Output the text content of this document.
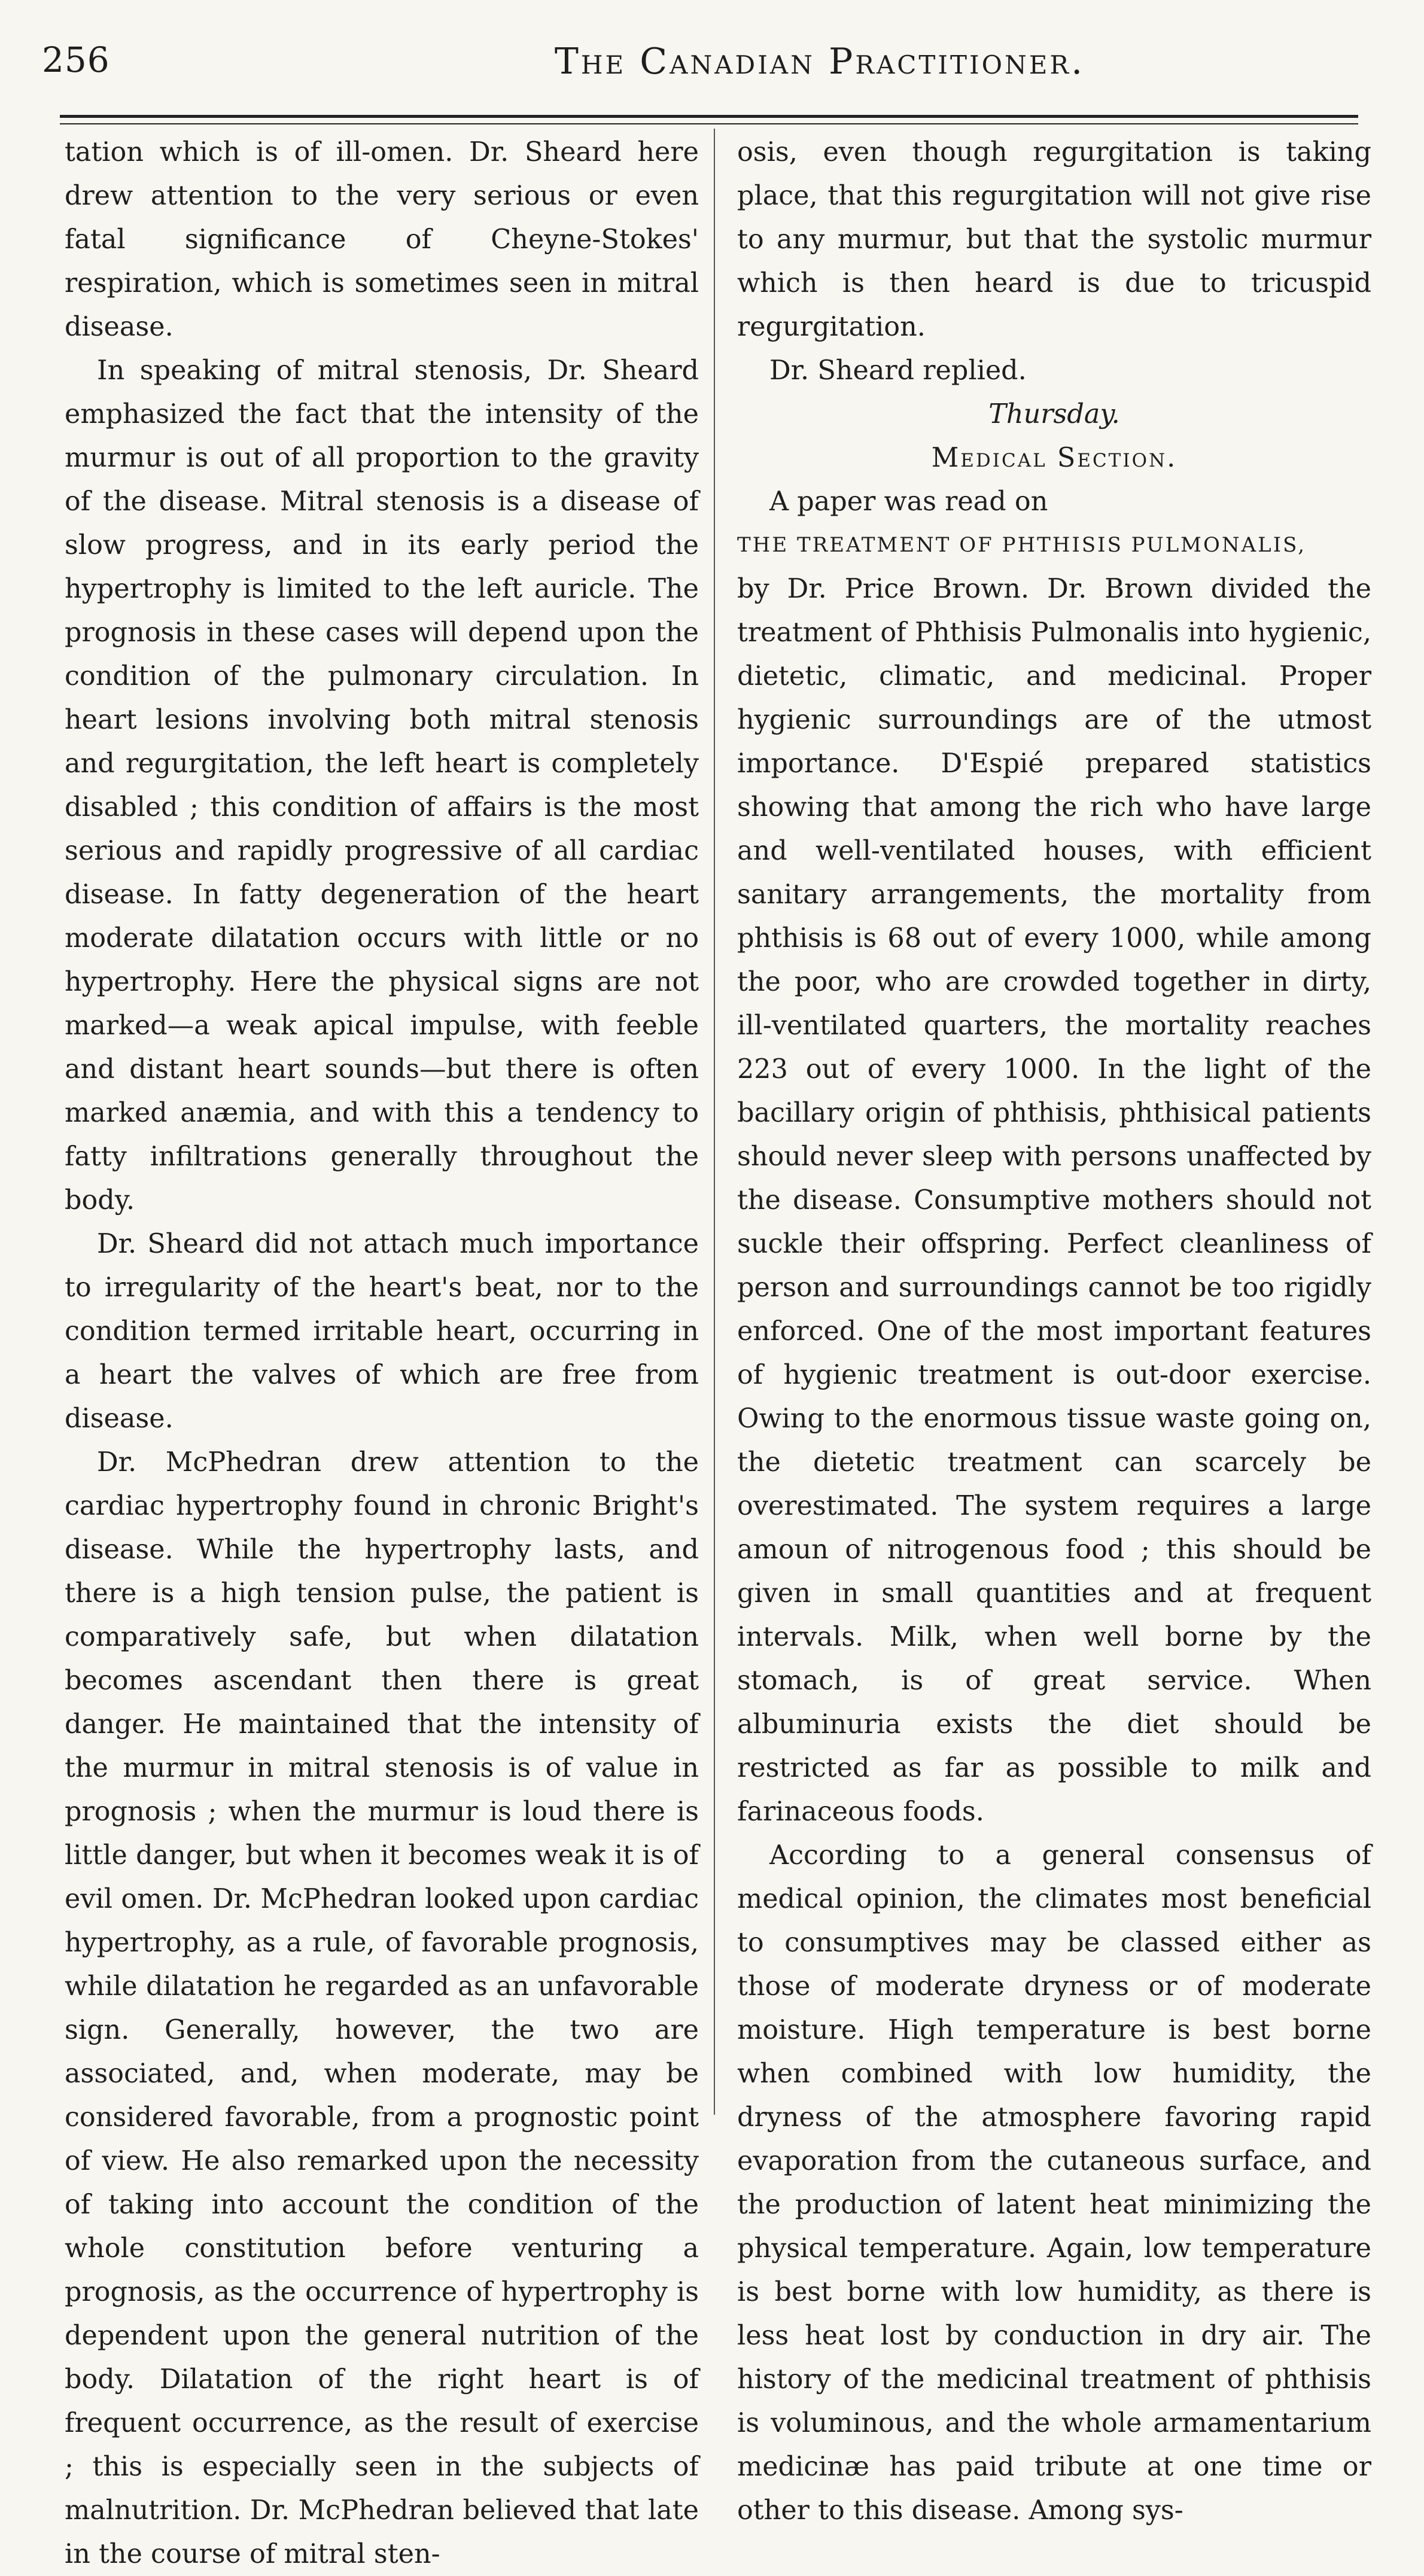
256	The Canadian Practitioner.

tation which is of ill-omen. Dr. Sheard here drew attention to the very serious or even fatal significance of Cheyne-Stokes' respiration, which is sometimes seen in mitral disease.

In speaking of mitral stenosis, Dr. Sheard emphasized the fact that the intensity of the murmur is out of all proportion to the gravity of the disease. Mitral stenosis is a disease of slow progress, and in its early period the hypertrophy is limited to the left auricle. The prognosis in these cases will depend upon the condition of the pulmonary circulation. In heart lesions involving both mitral stenosis and regurgitation, the left heart is completely disabled ; this condition of affairs is the most serious and rapidly progressive of all cardiac disease. In fatty degeneration of the heart moderate dilatation occurs with little or no hypertrophy. Here the physical signs are not marked—a weak apical impulse, with feeble and distant heart sounds—but there is often marked anæmia, and with this a tendency to fatty infiltrations generally throughout the body.

Dr. Sheard did not attach much importance to irregularity of the heart's beat, nor to the condition termed irritable heart, occurring in a heart the valves of which are free from disease.

Dr. McPhedran drew attention to the cardiac hypertrophy found in chronic Bright's disease. While the hypertrophy lasts, and there is a high tension pulse, the patient is comparatively safe, but when dilatation becomes ascendant then there is great danger. He maintained that the intensity of the murmur in mitral stenosis is of value in prognosis ; when the murmur is loud there is little danger, but when it becomes weak it is of evil omen. Dr. McPhedran looked upon cardiac hypertrophy, as a rule, of favorable prognosis, while dilatation he regarded as an unfavorable sign. Generally, however, the two are associated, and, when moderate, may be considered favorable, from a prognostic point of view. He also remarked upon the necessity of taking into account the condition of the whole constitution before venturing a prognosis, as the occurrence of hypertrophy is dependent upon the general nutrition of the body. Dilatation of the right heart is of frequent occurrence, as the result of exercise ; this is especially seen in the subjects of malnutrition. Dr. McPhedran believed that late in the course of mitral sten-

osis, even though regurgitation is taking place, that this regurgitation will not give rise to any murmur, but that the systolic murmur which is then heard is due to tricuspid regurgitation.

Dr. Sheard replied.

Thursday.

Medical Section.

A paper was read on

THE TREATMENT OF PHTHISIS PULMONALIS,

by Dr. Price Brown. Dr. Brown divided the treatment of Phthisis Pulmonalis into hygienic, dietetic, climatic, and medicinal. Proper hygienic surroundings are of the utmost importance. D'Espié prepared statistics showing that among the rich who have large and well-ventilated houses, with efficient sanitary arrangements, the mortality from phthisis is 68 out of every 1000, while among the poor, who are crowded together in dirty, ill-ventilated quarters, the mortality reaches 223 out of every 1000. In the light of the bacillary origin of phthisis, phthisical patients should never sleep with persons unaffected by the disease. Consumptive mothers should not suckle their offspring. Perfect cleanliness of person and surroundings cannot be too rigidly enforced. One of the most important features of hygienic treatment is out-door exercise. Owing to the enormous tissue waste going on, the dietetic treatment can scarcely be overestimated. The system requires a large amoun of nitrogenous food ; this should be given in small quantities and at frequent intervals. Milk, when well borne by the stomach, is of great service. When albuminuria exists the diet should be restricted as far as possible to milk and farinaceous foods.

According to a general consensus of medical opinion, the climates most beneficial to consumptives may be classed either as those of moderate dryness or of moderate moisture. High temperature is best borne when combined with low humidity, the dryness of the atmosphere favoring rapid evaporation from the cutaneous surface, and the production of latent heat minimizing the physical temperature. Again, low temperature is best borne with low humidity, as there is less heat lost by conduction in dry air. The history of the medicinal treatment of phthisis is voluminous, and the whole armamentarium medicinæ has paid tribute at one time or other to this disease. Among sys-
